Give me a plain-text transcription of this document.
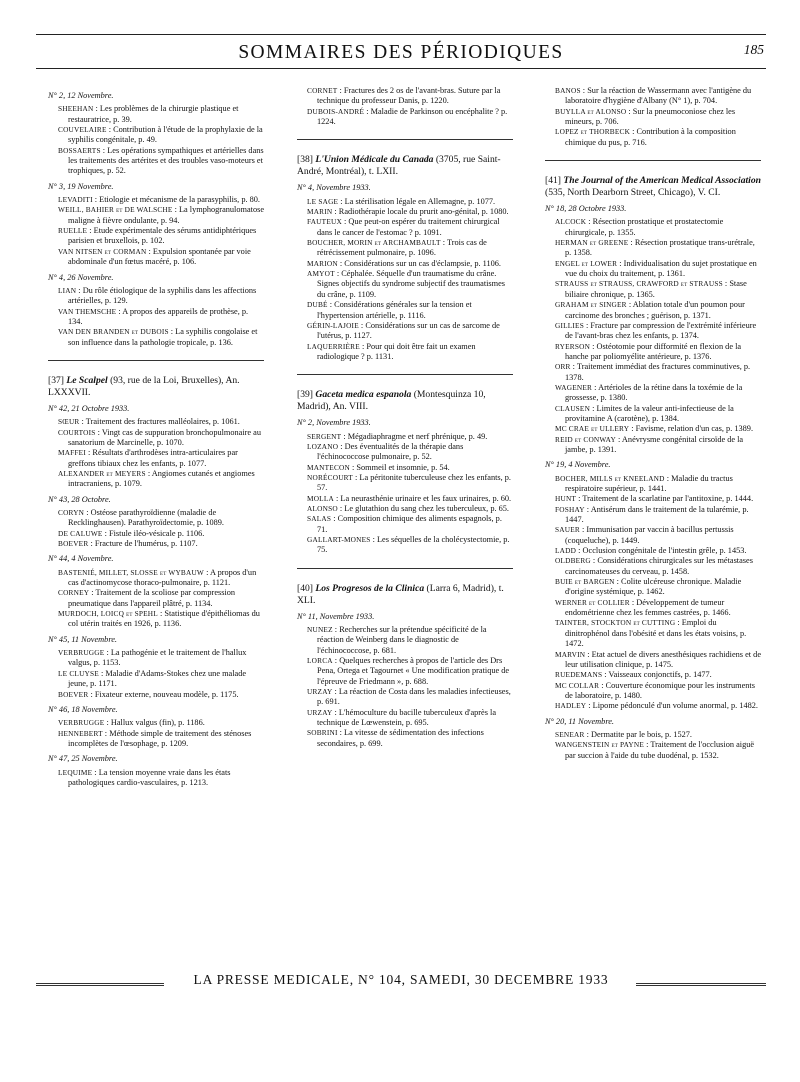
SOMMAIRES DES PÉRIODIQUES	185
N° 2, 12 Novembre.
SHEEHAN : Les problèmes de la chirurgie plastique et restauratrice, p. 39.
COUVELAIRE : Contribution à l'étude de la prophylaxie de la syphilis congénitale, p. 49.
BOSSAERTS : Les opérations sympathiques et artérielles dans les traitements des artérites et des troubles vaso-moteurs et trophiques, p. 52.
N° 3, 19 Novembre.
LEVADITI : Etiologie et mécanisme de la parasyphilis, p. 80.
WEILL, BAHIER et DE WALSCHE : La lymphogranulomatose maligne à fièvre ondulante, p. 94.
RUELLE : Etude expérimentale des sérums antidiphtériques parisien et bruxellois, p. 102.
VAN NITSEN et CORMAN : Expulsion spontanée par voie abdominale d'un fœtus macéré, p. 106.
N° 4, 26 Novembre.
LIAN : Du rôle étiologique de la syphilis dans les affections artérielles, p. 129.
VAN THEMSCHE : A propos des appareils de prothèse, p. 134.
VAN DEN BRANDEN et DUBOIS : La syphilis congolaise et son influence dans la pathologie tropicale, p. 136.
[37] Le Scalpel (93, rue de la Loi, Bruxelles), An. LXXXVII.
N° 42, 21 Octobre 1933.
SŒUR : Traitement des fractures malléolaires, p. 1061.
COURTOIS : Vingt cas de suppuration bronchopulmonaire au sanatorium de Marcinelle, p. 1070.
MAFFEI : Résultats d'arthrodèses intra-articulaires par greffons tibiaux chez les enfants, p. 1077.
ALEXANDER et MEYERS : Angiomes cutanés et angiomes intracraniens, p. 1079.
N° 43, 28 Octobre.
CORYN : Ostéose parathyroïdienne (maladie de Recklinghausen). Parathyroïdectomie, p. 1089.
DE CALUWE : Fistule iléo-vésicale p. 1106.
BOEVER : Fracture de l'humérus, p. 1107.
N° 44, 4 Novembre.
BASTENIÉ, MILLET, SLOSSE et WYBAUW : A propos d'un cas d'actinomycose thoraco-pulmonaire, p. 1121.
CORNEY : Traitement de la scoliose par compression pneumatique dans l'appareil plâtré, p. 1134.
MURDOCH, LOICQ et SPEHL : Statistique d'épithéliomas du col utérin traités en 1926, p. 1136.
N° 45, 11 Novembre.
VERBRUGGE : La pathogénie et le traitement de l'hallux valgus, p. 1153.
LE CLUYSE : Maladie d'Adams-Stokes chez une malade jeune, p. 1171.
BOEVER : Fixateur externe, nouveau modèle, p. 1175.
N° 46, 18 Novembre.
VERBRUGGE : Hallux valgus (fin), p. 1186.
HENNEBERT : Méthode simple de traitement des sténoses incomplètes de l'œsophage, p. 1209.
N° 47, 25 Novembre.
LEQUIME : La tension moyenne vraie dans les états pathologiques cardio-vasculaires, p. 1213.
CORNET : Fractures des 2 os de l'avant-bras. Suture par la technique du professeur Danis, p. 1220.
DUBOIS-ANDRÉ : Maladie de Parkinson ou encéphalite ? p. 1224.
[38] L'Union Médicale du Canada (3705, rue Saint-André, Montréal), t. LXII.
N° 4, Novembre 1933.
LE SAGE : La stérilisation légale en Allemagne, p. 1077.
MARIN : Radiothérapie locale du prurit ano-génital, p. 1080.
FAUTEUX : Que peut-on espérer du traitement chirurgical dans le cancer de l'estomac ? p. 1091.
BOUCHER, MORIN et ARCHAMBAULT : Trois cas de rétrécissement pulmonaire, p. 1096.
MARION : Considérations sur un cas d'éclampsie, p. 1106.
AMYOT : Céphalée. Séquelle d'un traumatisme du crâne. Signes objectifs du syndrome subjectif des traumatismes du crâne, p. 1109.
DUBÉ : Considérations générales sur la tension et l'hypertension artérielle, p. 1116.
GÉRIN-LAJOIE : Considérations sur un cas de sarcome de l'utérus, p. 1127.
LAQUERRIÈRE : Pour qui doit être fait un examen radiologique ? p. 1131.
[39] Gaceta medica espanola (Montesquinza 10, Madrid), An. VIII.
N° 2, Novembre 1933.
SERGENT : Mégadiaphragme et nerf phrénique, p. 49.
LOZANO : Des éventualités de la thérapie dans l'échinococcose pulmonaire, p. 52.
MANTECON : Sommeil et insomnie, p. 54.
NORÉCOURT : La péritonite tuberculeuse chez les enfants, p. 57.
MOLLA : La neurasthénie urinaire et les faux urinaires, p. 60.
ALONSO : Le glutathion du sang chez les tuberculeux, p. 65.
SALAS : Composition chimique des aliments espagnols, p. 71.
GALLART-MONES : Les séquelles de la cholécystectomie, p. 75.
[40] Los Progresos de la Clinica (Larra 6, Madrid), t. XLI.
N° 11, Novembre 1933.
NUNEZ : Recherches sur la prétendue spécificité de la réaction de Weinberg dans le diagnostic de l'échinococcose, p. 681.
LORCA : Quelques recherches à propos de l'article des Drs Pena, Ortega et Tagournet « Une modification pratique de l'épreuve de Friedmann », p. 688.
URZAY : La réaction de Costa dans les maladies infectieuses, p. 691.
URZAY : L'hémoculture du bacille tuberculeux d'après la technique de Lœwenstein, p. 695.
SOBRINI : La vitesse de sédimentation des infections secondaires, p. 699.
BANOS : Sur la réaction de Wassermann avec l'antigène du laboratoire d'hygiène d'Albany (N° 1), p. 704.
BUYLLA et ALONSO : Sur la pneumoconiose chez les mineurs, p. 706.
LOPEZ et THORBECK : Contribution à la composition chimique du pus, p. 716.
[41] The Journal of the American Medical Association (535, North Dearborn Street, Chicago), V. CI.
N° 18, 28 Octobre 1933.
ALCOCK : Résection prostatique et prostatectomie chirurgicale, p. 1355.
HERMAN et GREENE : Résection prostatique trans-urétrale, p. 1358.
ENGEL et LOWER : Individualisation du sujet prostatique en vue du choix du traitement, p. 1361.
STRAUSS et STRAUSS, CRAWFORD et STRAUSS : Stase biliaire chronique, p. 1365.
GRAHAM et SINGER : Ablation totale d'un poumon pour carcinome des bronches ; guérison, p. 1371.
GILLIES : Fracture par compression de l'extrémité inférieure de l'avant-bras chez les enfants, p. 1374.
RYERSON : Ostéotomie pour difformité en flexion de la hanche par poliomyélite antérieure, p. 1376.
ORR : Traitement immédiat des fractures comminutives, p. 1378.
WAGENER : Artérioles de la rétine dans la toxémie de la grossesse, p. 1380.
CLAUSEN : Limites de la valeur anti-infectieuse de la provitamine A (carotène), p. 1384.
MC CRAE et ULLERY : Favisme, relation d'un cas, p. 1389.
REID et CONWAY : Anévrysme congénital cirsoïde de la jambe, p. 1391.
N° 19, 4 Novembre.
BOCHER, MILLS et KNEELAND : Maladie du tractus respiratoire supérieur, p. 1441.
HUNT : Traitement de la scarlatine par l'antitoxine, p. 1444.
FOSHAY : Antisérum dans le traitement de la tularémie, p. 1447.
SAUER : Immunisation par vaccin à bacillus pertussis (coqueluche), p. 1449.
LADD : Occlusion congénitale de l'intestin grêle, p. 1453.
OLDBERG : Considérations chirurgicales sur les métastases carcinomateuses du cerveau, p. 1458.
BUIE et BARGEN : Colite ulcéreuse chronique. Maladie d'origine systémique, p. 1462.
WERNER et COLLIER : Développement de tumeur endométrienne chez les femmes castrées, p. 1466.
TAINTER, STOCKTON et CUTTING : Emploi du dinitrophénol dans l'obésité et dans les états voisins, p. 1472.
MARVIN : Etat actuel de divers anesthésiques rachidiens et de leur utilisation clinique, p. 1475.
RUEDEMANS : Vaisseaux conjonctifs, p. 1477.
MC COLLAR : Couverture économique pour les instruments de laboratoire, p. 1480.
HADLEY : Lipome pédonculé d'un volume anormal, p. 1482.
N° 20, 11 Novembre.
SENEAR : Dermatite par le bois, p. 1527.
WANGENSTEIN et PAYNE : Traitement de l'occlusion aiguë par succion à l'aide du tube duodénal, p. 1532.
LA PRESSE MEDICALE, N° 104, SAMEDI, 30 DECEMBRE 1933
